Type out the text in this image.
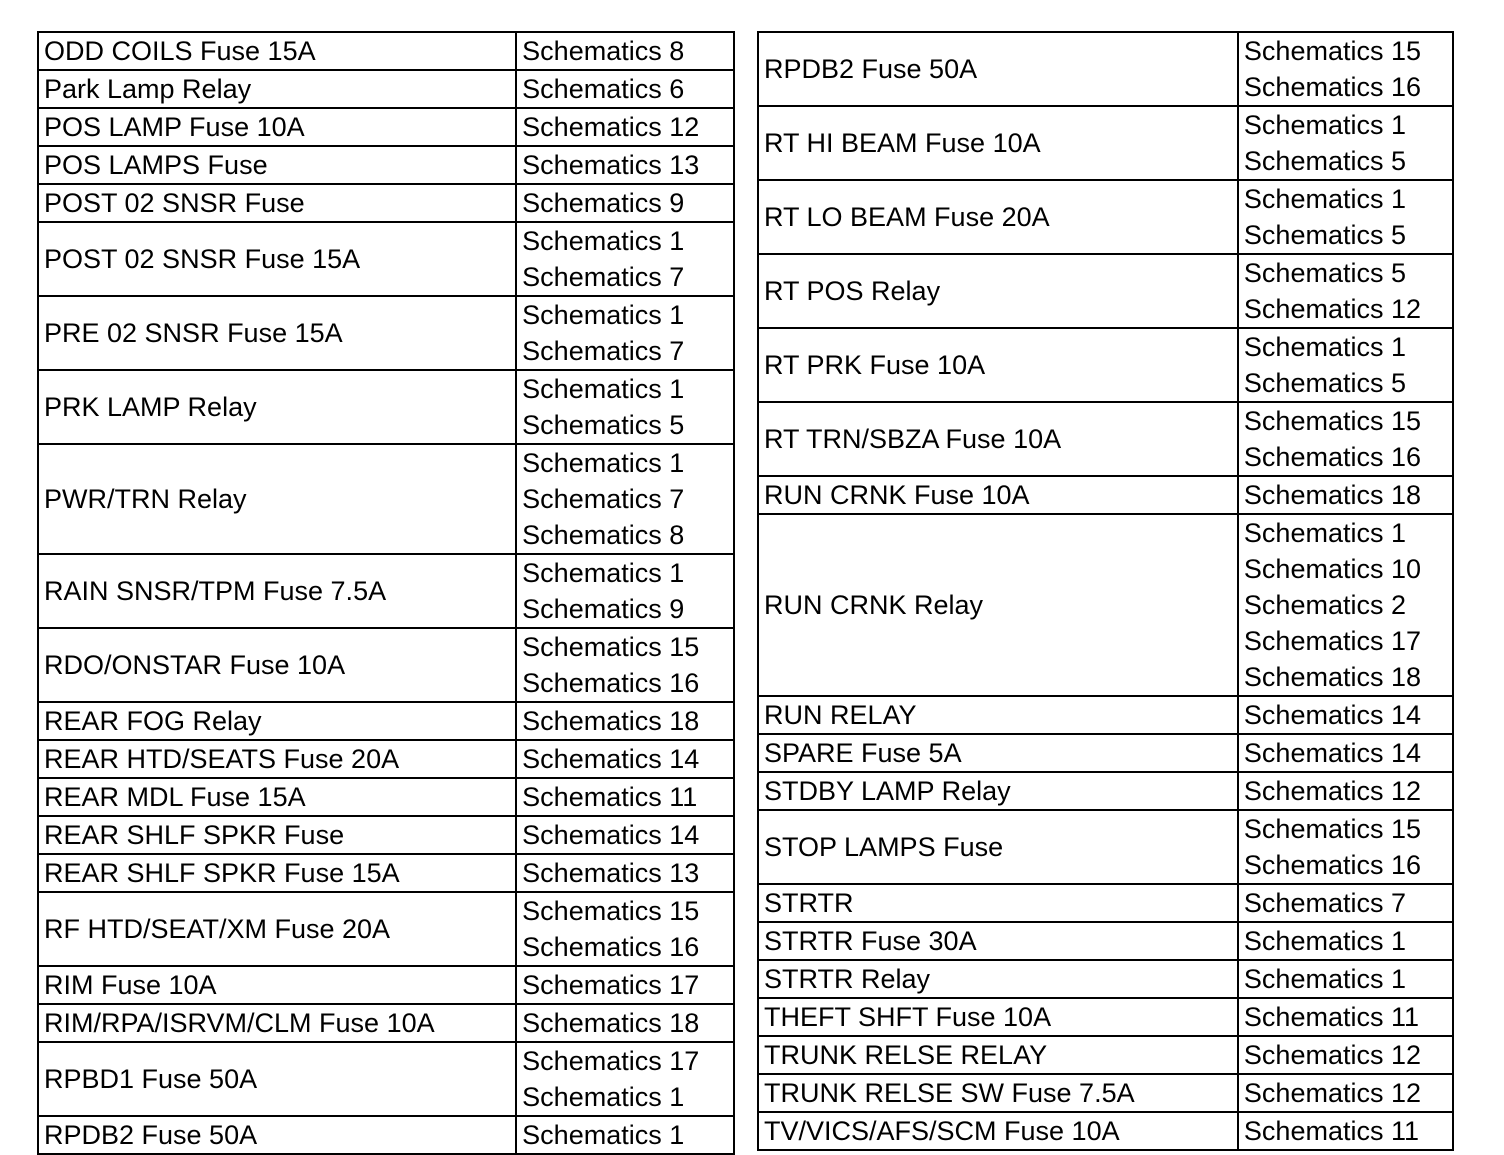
ODD COILS Fuse 15A	Schematics 8

Park Lamp Relay	Schematics 6

POS LAMP Fuse 10A	Schematics 12

POS LAMPS Fuse	Schematics 13

POST 02 SNSR Fuse	Schematics 9

POST 02 SNSR Fuse 15A	Schematics 1
Schematics 7

PRE 02 SNSR Fuse 15A	Schematics 1
Schematics 7

PRK LAMP Relay	Schematics 1
Schematics 5

PWR/TRN Relay	Schematics 1
Schematics 7
Schematics 8

RAIN SNSR/TPM Fuse 7.5A	Schematics 1
Schematics 9

RDO/ONSTAR Fuse 10A	Schematics 15
Schematics 16

REAR FOG Relay	Schematics 18

REAR HTD/SEATS Fuse 20A	Schematics 14

REAR MDL Fuse 15A	Schematics 11

REAR SHLF SPKR Fuse	Schematics 14

REAR SHLF SPKR Fuse 15A	Schematics 13

RF HTD/SEAT/XM Fuse 20A	Schematics 15
Schematics 16

RIM Fuse 10A	Schematics 17

RIM/RPA/ISRVM/CLM Fuse 10A	Schematics 18

RPBD1 Fuse 50A	Schematics 17
Schematics 1

RPDB2 Fuse 50A	Schematics 1
RPDB2 Fuse 50A	Schematics 15
Schematics 16

RT HI BEAM Fuse 10A	Schematics 1
Schematics 5

RT LO BEAM Fuse 20A	Schematics 1
Schematics 5

RT POS Relay	Schematics 5
Schematics 12

RT PRK Fuse 10A	Schematics 1
Schematics 5

RT TRN/SBZA Fuse 10A	Schematics 15
Schematics 16

RUN CRNK Fuse 10A	Schematics 18

RUN CRNK Relay	Schematics 1
Schematics 10
Schematics 2
Schematics 17
Schematics 18

RUN RELAY	Schematics 14

SPARE Fuse 5A	Schematics 14

STDBY LAMP Relay	Schematics 12

STOP LAMPS Fuse	Schematics 15
Schematics 16

STRTR	Schematics 7

STRTR Fuse 30A	Schematics 1

STRTR Relay	Schematics 1

THEFT SHFT Fuse 10A	Schematics 11

TRUNK RELSE RELAY	Schematics 12

TRUNK RELSE SW Fuse 7.5A	Schematics 12

TV/VICS/AFS/SCM Fuse 10A	Schematics 11
